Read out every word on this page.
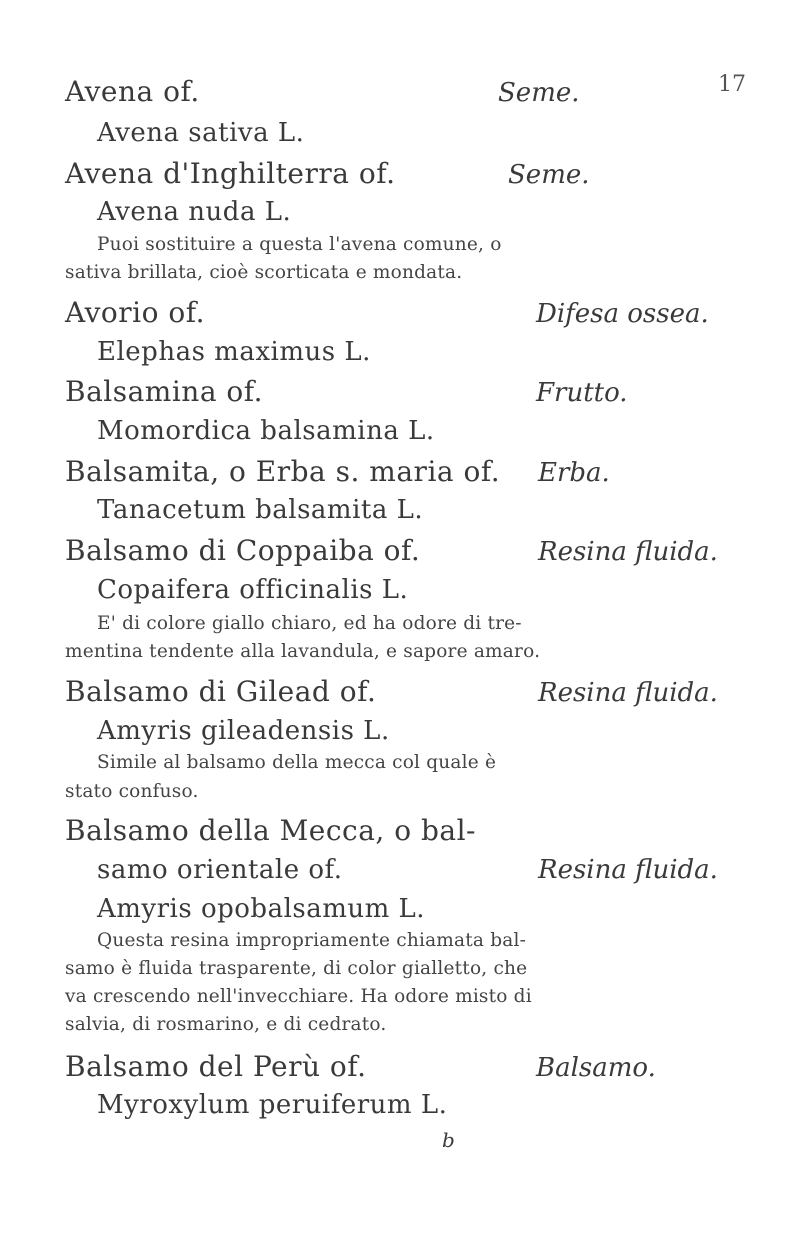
17
Avena of.	Seme.
Avena sativa L.
Avena d'Inghilterra of.	Seme.
Avena nuda L.
Puoi sostituire a questa l'avena comune, o
sativa brillata, cioè scorticata e mondata.
Avorio of.	Difesa ossea.
Elephas maximus L.
Balsamina of.	Frutto.
Momordica balsamina L.
Balsamita, o Erba s. maria of. Erba.
Tanacetum balsamita L.
Balsamo di Coppaiba of.	Resina fluida.
Copaifera officinalis L.
E' di colore giallo chiaro, ed ha odore di tre-
mentina tendente alla lavandula, e sapore amaro.
Balsamo di Gilead of.	Resina fluida.
Amyris gileadensis L.
Simile al balsamo della mecca col quale è
stato confuso.
Balsamo della Mecca, o bal-
samo orientale of.	Resina fluida.
Amyris opobalsamum L.
Questa resina impropriamente chiamata bal-
samo è fluida trasparente, di color gialletto, che
va crescendo nell'invecchiare. Ha odore misto di
salvia, di rosmarino, e di cedrato.
Balsamo del Perù of.	Balsamo.
Myroxylum peruiferum L.
b
